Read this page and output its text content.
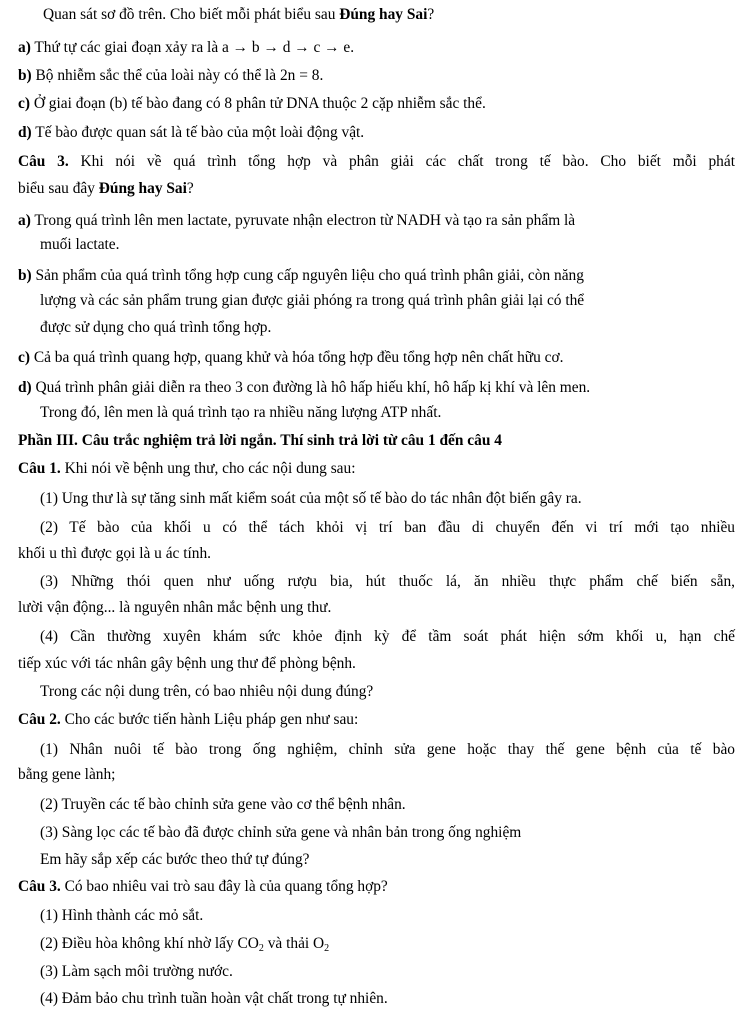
Quan sát sơ đồ trên. Cho biết mỗi phát biểu sau Đúng hay Sai?
a) Thứ tự các giai đoạn xảy ra là a → b → d → c → e.
b) Bộ nhiễm sắc thể của loài này có thể là 2n = 8.
c) Ở giai đoạn (b) tế bào đang có 8 phân tử DNA thuộc 2 cặp nhiễm sắc thể.
d) Tế bào được quan sát là tế bào của một loài động vật.
Câu 3. Khi nói về quá trình tổng hợp và phân giải các chất trong tế bào. Cho biết mỗi phát
biểu sau đây Đúng hay Sai?
a) Trong quá trình lên men lactate, pyruvate nhận electron từ NADH và tạo ra sản phẩm là
muối lactate.
b) Sản phẩm của quá trình tổng hợp cung cấp nguyên liệu cho quá trình phân giải, còn năng
lượng và các sản phẩm trung gian được giải phóng ra trong quá trình phân giải lại có thể
được sử dụng cho quá trình tổng hợp.
c) Cả ba quá trình quang hợp, quang khử và hóa tổng hợp đều tổng hợp nên chất hữu cơ.
d) Quá trình phân giải diễn ra theo 3 con đường là hô hấp hiếu khí, hô hấp kị khí và lên men.
Trong đó, lên men là quá trình tạo ra nhiều năng lượng ATP nhất.
Phần III. Câu trắc nghiệm trả lời ngắn. Thí sinh trả lời từ câu 1 đến câu 4
Câu 1. Khi nói về bệnh ung thư, cho các nội dung sau:
(1) Ung thư là sự tăng sinh mất kiểm soát của một số tế bào do tác nhân đột biến gây ra.
(2) Tế bào của khối u có thể tách khỏi vị trí ban đầu di chuyển đến vi trí mới tạo nhiều
khối u thì được gọi là u ác tính.
(3) Những thói quen như uống rượu bia, hút thuốc lá, ăn nhiều thực phẩm chế biến sẵn,
lười vận động... là nguyên nhân mắc bệnh ung thư.
(4) Cần thường xuyên khám sức khỏe định kỳ để tầm soát phát hiện sớm khối u, hạn chế
tiếp xúc với tác nhân gây bệnh ung thư để phòng bệnh.
Trong các nội dung trên, có bao nhiêu nội dung đúng?
Câu 2. Cho các bước tiến hành Liệu pháp gen như sau:
(1) Nhân nuôi tế bào trong ống nghiệm, chỉnh sửa gene hoặc thay thế gene bệnh của tế bào
bằng gene lành;
(2) Truyền các tế bào chỉnh sửa gene vào cơ thể bệnh nhân.
(3) Sàng lọc các tế bào đã được chỉnh sửa gene và nhân bản trong ống nghiệm
Em hãy sắp xếp các bước theo thứ tự đúng?
Câu 3. Có bao nhiêu vai trò sau đây là của quang tổng hợp?
(1) Hình thành các mỏ sắt.
(2) Điều hòa không khí nhờ lấy $CO_2$ và thải $O_2$
(3) Làm sạch môi trường nước.
(4) Đảm bảo chu trình tuần hoàn vật chất trong tự nhiên.
